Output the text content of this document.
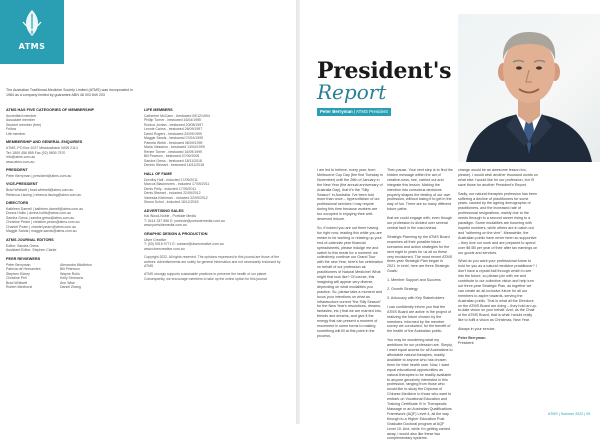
ATMS
The Australian Traditional-Medicine Society Limited (ATMS) was incorporated in 1984 as a company limited by guarantee ABN 48 003 849 203
ATMS HAS FIVE CATEGORIES OF MEMBERSHIP
Accredited member
Associate member
Student member (free)
Fellow
Life member
MEMBERSHIP AND GENERAL ENQUIRIES
ATMS, PO Box 1027 Meadowbank NSW 2114
Tel: 1800 456 855 Fax (02) 9809 7570
info@atms.com.au
www.atms.com.au
PRESIDENT
Peter Berryman | president@atms.com.au
VICE-PRESIDENT
Brad Whitsett | brad.whitsett@atms.com.au
Rebecca Lissing | rebecca.lissing@atms.com.au
DIRECTORS
Kathleen Darnell | kathleen.darnell@atms.com.au
Donna Hollis | donna.hollis@atms.com.au
Sandra Gress | sandra.gress@atms.com.au
Christine Pearn | christine.pearn@atms.com.au
Chantel Pearn | chantel.pearn@atms.com.au
Maggie Sands | maggie.sands@atms.com.au
ATMS JOURNAL EDITORS
Editor: Sandra Gress
Assistant Editor: Stephen Clarke
PEER REVIEWERS
Peter Berryman	Alexandra Middleton
Patricia de Hernandes	Bill Peterson
Stephen Edney	Wayne Rollo
Christine Pell	Kelly Simmons
Brad Whitsett	Ann Wise
Robert Medhurst	Daniel Zhang
LIFE MEMBERS
Catherine McCann - bestowed 09/12/1994
Phillip Turner - bestowed 16/04/1995
Ronica Jordan - bestowed 20/08/1997
Leonie Cairns - bestowed 26/09/1997
David Rogers - bestowed 20/09/1999
Maggie Sands - bestowed 07/04/1999
Pamela Webb - bestowed 08/09/1999
Maria Vissarion - bestowed 13/04/1999
Renee Turner - bestowed 16/09/1999
Bill Pearson - bestowed 07/09/2005
Sandra Gress - bestowed 18/11/2018
Dennis Stewart - bestowed 16/11/2018
HALL OF FAME
Dorothy Hall - inducted 17/09/2011
Marcus Blackmores - inducted 17/09/2011
Denis Pelly - inducted 17/09/2011
Denis Stewart - inducted 22/09/2012
Vanessa Kleinman - inducted 22/09/2012
Simon Schol - inducted 18/12/2015
ADVERTISING SALES
Kai Wood-Noble - Portside Media
T: 0414 337 556 E: portside@portsidemedia.com.au
www.portsidemedia.com.au
GRAPHIC DESIGN & PRODUCTION
Ulser Creative
T: (03) 9015 9771 E: contact@ulsercreative.com.au
www.ulsercreative.com.au
Copyright 2022. All rights reserved. The opinions expressed in this journal are those of the authors. Advertisements are solely for general information and not necessarily endorsed by ATMS.
ATMS strongly supports sustainable practices to preserve the health of our planet. Consequently, we encourage members to take up the online option for this journal.
President's
Report
Peter Berryman | ATMS President

I am led to believe, every year, from Melbourne Cup Day (the first Tuesday in November) until the 26th of January in the New Year (the annual anniversary of Australia Day), that it's the "Silly Season" in Australia. I've been told more than once – hypercriticism of our professional services I may require during this time because workers are too occupied in enjoying their well-deserved leisure.

So, if indeed you are out there having fun right now, reading this while you are meant to be working or relaxing up your end-of-calendar year financial spreadsheets, please indulge me and switch to this break for a moment: we collectively continue our Grand Tour with the new Year, here's fun celebration on behalf of our profession as practitioners of Natural Medicine! What might that look like? Of course, this imagining will appear very diverse, depending on what modalities you practice. So, please take a moment and focus your intentions on what an infrastructure current "the Silly Season" for the New Year's resolutions, dreams, fantasies, etc.) that we are married into, friends and dreams, and give it the energy that can present a moment of movement in some forms to making something will fill at this point in the process.

Then pause. Your next step is to find the hidden message within the act of creative-ness, see, carried out and integrate this lesson. Making the intention into conscious decisions properly shapes the destiny of our own profession, without losing it to get in the way of fun. There are so many different future paths

that we could engage with, even though our profession is divided over several central fault in the road ahead.

Strategic Planning by the ATMS Board examines all their possible future scenarios and action strategies for the next eight to years for us all so these very envisioned. The most recent ATMS three-year Strategic Plan began in 2021. In brief, here are three Strategic Goals:

1. Member Support and Success

2. Growth Strategy

3. Advocacy with Key Stakeholders

I can confidently inform you that the ATMS Board are active in the project of realizing the future chosen by the members, informed by the member survey we conducted, for the benefit of the health of the Australian public.

You may be wondering what my ambitions for our profession are. Simply, I want equal access for all Australians to affordable natural therapies, readily available to anyone who has chosen them for their health care. Now, I want equal educational opportunities as natural therapies to be readily available to anyone genuinely interested in this profession, ranging from those who would like to study the Diploma of Chinese Medicine to those who want to embark on Vocational Education and Training Certificate IV in Therapeutic Massage or an Australian Qualifications Framework (AQF) Level 4, all the way through to a Higher Education Post Graduate Doctoral program at AQF Level 10. And, while I'm getting carried away, I would also like these two complementary systems.

change would be an awesome lesson too, please). I would wish another thousand words on what else I would like for our profession, but I'll save those for another President's Report.

Sadly, our natural therapies profession has been suffering a decline of practitioners for some years, caused by the ageing demographic of practitioners, and the increased rate of professional resignations, mainly due to the needs through to a second career rising to a paradigm. Some modalities are booming with hopeful numbers, while others are in catch-out and "withering on the vine". Meanwhile, the Australian public have never been so supportive – they love our work and are prepared to spend over $9.5B per year of their after tax earnings on our goods and services.

What do you want your professional future to hold for you as a natural medicine practitioner? I don't have a crystal ball through which to see into the future, so please join with me and contribute to our collective vision and help turn our three-year Strategic Plan, as together we can create an all-inclusive future for all our members to aspire towards, serving the Australian public. That is what all the Directors on the ATMS Board are doing – they hold an up-to-date vision on your behalf. And, as the Chair of the ATMS Board, that is what I would really like to fulfil a vision as Christmas, New Year.

Always in your service,

Peter Berryman

President

ATMS | Summer 2022 | 05
